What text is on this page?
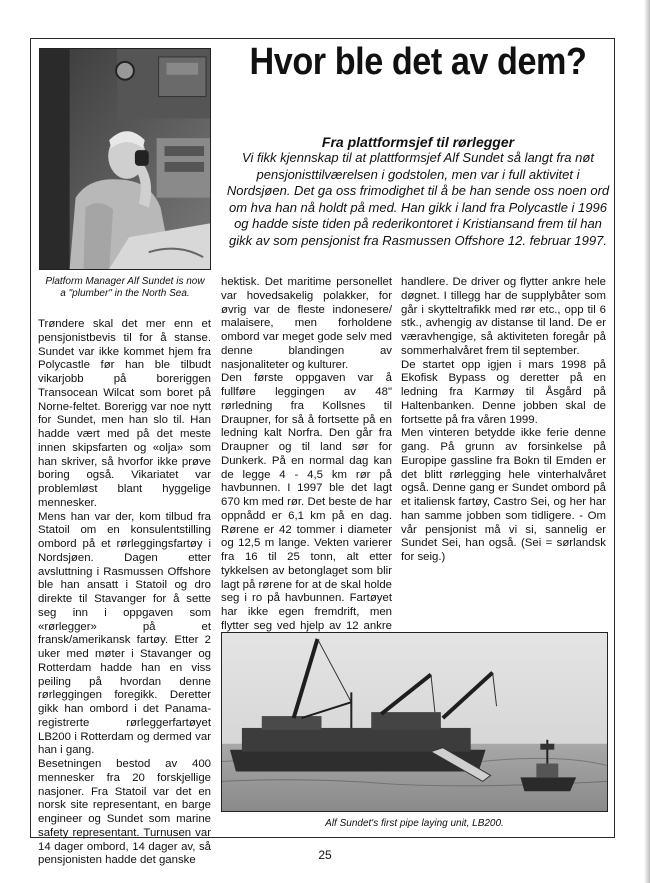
Platform Manager Alf Sundet is now
a "plumber" in the North Sea.
Hvor ble det av dem?
Fra plattformsjef til rørlegger

Vi fikk kjennskap til at plattformsjef Alf Sundet så langt fra nøt pensjonisttilværelsen i godstolen, men var i full aktivitet i Nordsjøen. Det ga oss frimodighet til å be han sende oss noen ord om hva han nå holdt på med. Han gikk i land fra Polycastle i 1996 og hadde siste tiden på rederikontoret i Kristiansand frem til han gikk av som pensjonist fra Rasmussen Offshore 12. februar 1997.

Trøndere skal det mer enn et pensjonistbevis til for å stanse. Sundet var ikke kommet hjem fra Polycastle før han ble tilbudt vikarjobb på boreriggen Transocean Wilcat som boret på Norne-feltet. Borerigg var noe nytt for Sundet, men han slo til. Han hadde vært med på det meste innen skipsfarten og «olja» som han skriver, så hvorfor ikke prøve boring også. Vikariatet var problemløst blant hyggelige mennesker.

Mens han var der, kom tilbud fra Statoil om en konsulentstilling ombord på et rørleggingsfartøy i Nordsjøen. Dagen etter avsluttning i Rasmussen Offshore ble han ansatt i Statoil og dro direkte til Stavanger for å sette seg inn i oppgaven som «rørlegger» på et fransk/amerikansk fartøy. Etter 2 uker med møter i Stavanger og Rotterdam hadde han en viss peiling på hvordan denne rørleggingen foregikk. Deretter gikk han ombord i det Panama-registrerte rørleggerfartøyet LB200 i Rotterdam og dermed var han i gang.

Besetningen bestod av 400 mennesker fra 20 forskjellige nasjoner. Fra Statoil var det en norsk site representant, en barge engineer og Sundet som marine safety representant. Turnusen var 14 dager ombord, 14 dager av, så pensjonisten hadde det ganske

hektisk. Det maritime personellet var hovedsakelig polakker, for øvrig var de fleste indonesere/ malaisere, men forholdene ombord var meget gode selv med denne blandingen av nasjonaliteter og kulturer.

Den første oppgaven var å fullføre leggingen av 48" rørledning fra Kollsnes til Draupner, for så å fortsette på en ledning kalt Norfra. Den går fra Draupner og til land sør for Dunkerk. På en normal dag kan de legge 4 - 4,5 km rør på havbunnen. I 1997 ble det lagt 670 km med rør. Det beste de har oppnådd er 6,1 km på en dag. Rørene er 42 tommer i diameter og 12,5 m lange. Vekten varierer fra 16 til 25 tonn, alt etter tykkelsen av betonglaget som blir lagt på rørene for at de skal holde seg i ro på havbunnen. Fartøyet har ikke egen fremdrift, men flytter seg ved hjelp av 12 ankre

handlere. De driver og flytter ankre hele døgnet. I tillegg har de supplybåter som går i skytteltrafikk med rør etc., opp til 6 stk., avhengig av distanse til land. De er væravhengige, så aktiviteten foregår på sommerhalvåret frem til september.

De startet opp igjen i mars 1998 på Ekofisk Bypass og deretter på en ledning fra Karmøy til Åsgård på Haltenbanken. Denne jobben skal de fortsette på fra våren 1999.

Men vinteren betydde ikke ferie denne gang. På grunn av forsinkelse på Europipe gassline fra Bokn til Emden er det blitt rørlegging hele vinterhalvåret også. Denne gang er Sundet ombord på et italiensk fartøy, Castro Sei, og her har han samme jobben som tidligere. - Om vår pensjonist må vi si, sannelig er Sundet Sei, han også. (Sei = sørlandsk for seig.)

Alf Sundet's first pipe laying unit, LB200.
25
